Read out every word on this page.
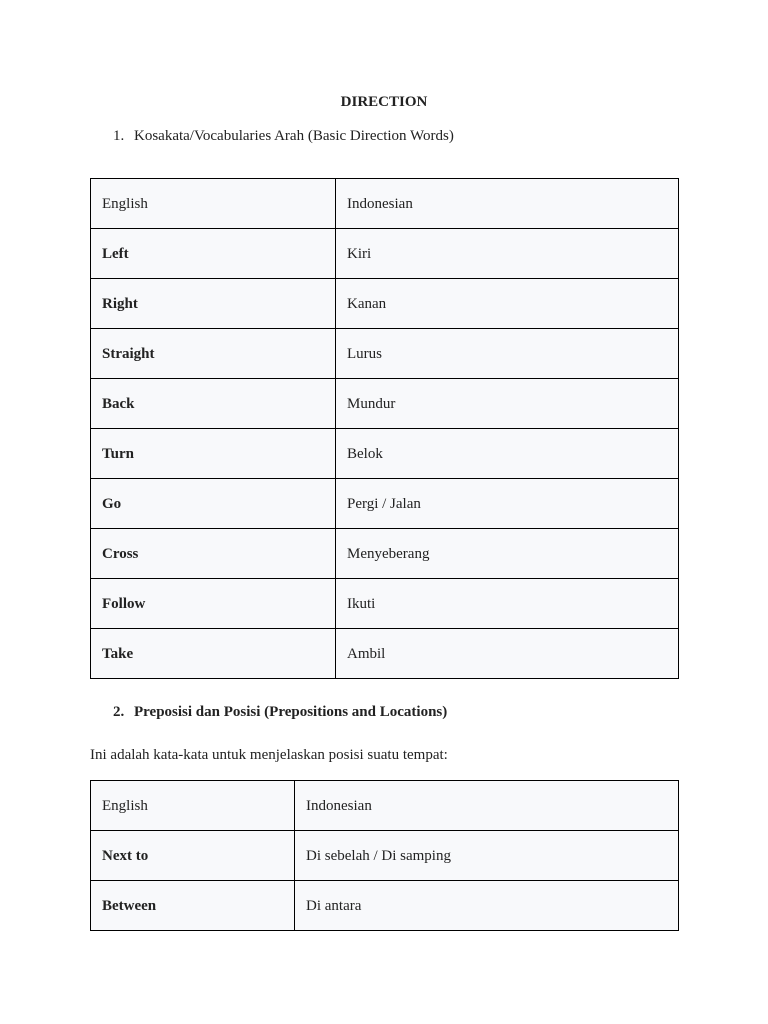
DIRECTION
1. Kosakata/Vocabularies Arah (Basic Direction Words)
English	Indonesian
Left	Kiri
Right	Kanan
Straight	Lurus
Back	Mundur
Turn	Belok
Go	Pergi / Jalan
Cross	Menyeberang
Follow	Ikuti
Take	Ambil
2. Preposisi dan Posisi (Prepositions and Locations)
Ini adalah kata-kata untuk menjelaskan posisi suatu tempat:
English	Indonesian
Next to	Di sebelah / Di samping
Between	Di antara
